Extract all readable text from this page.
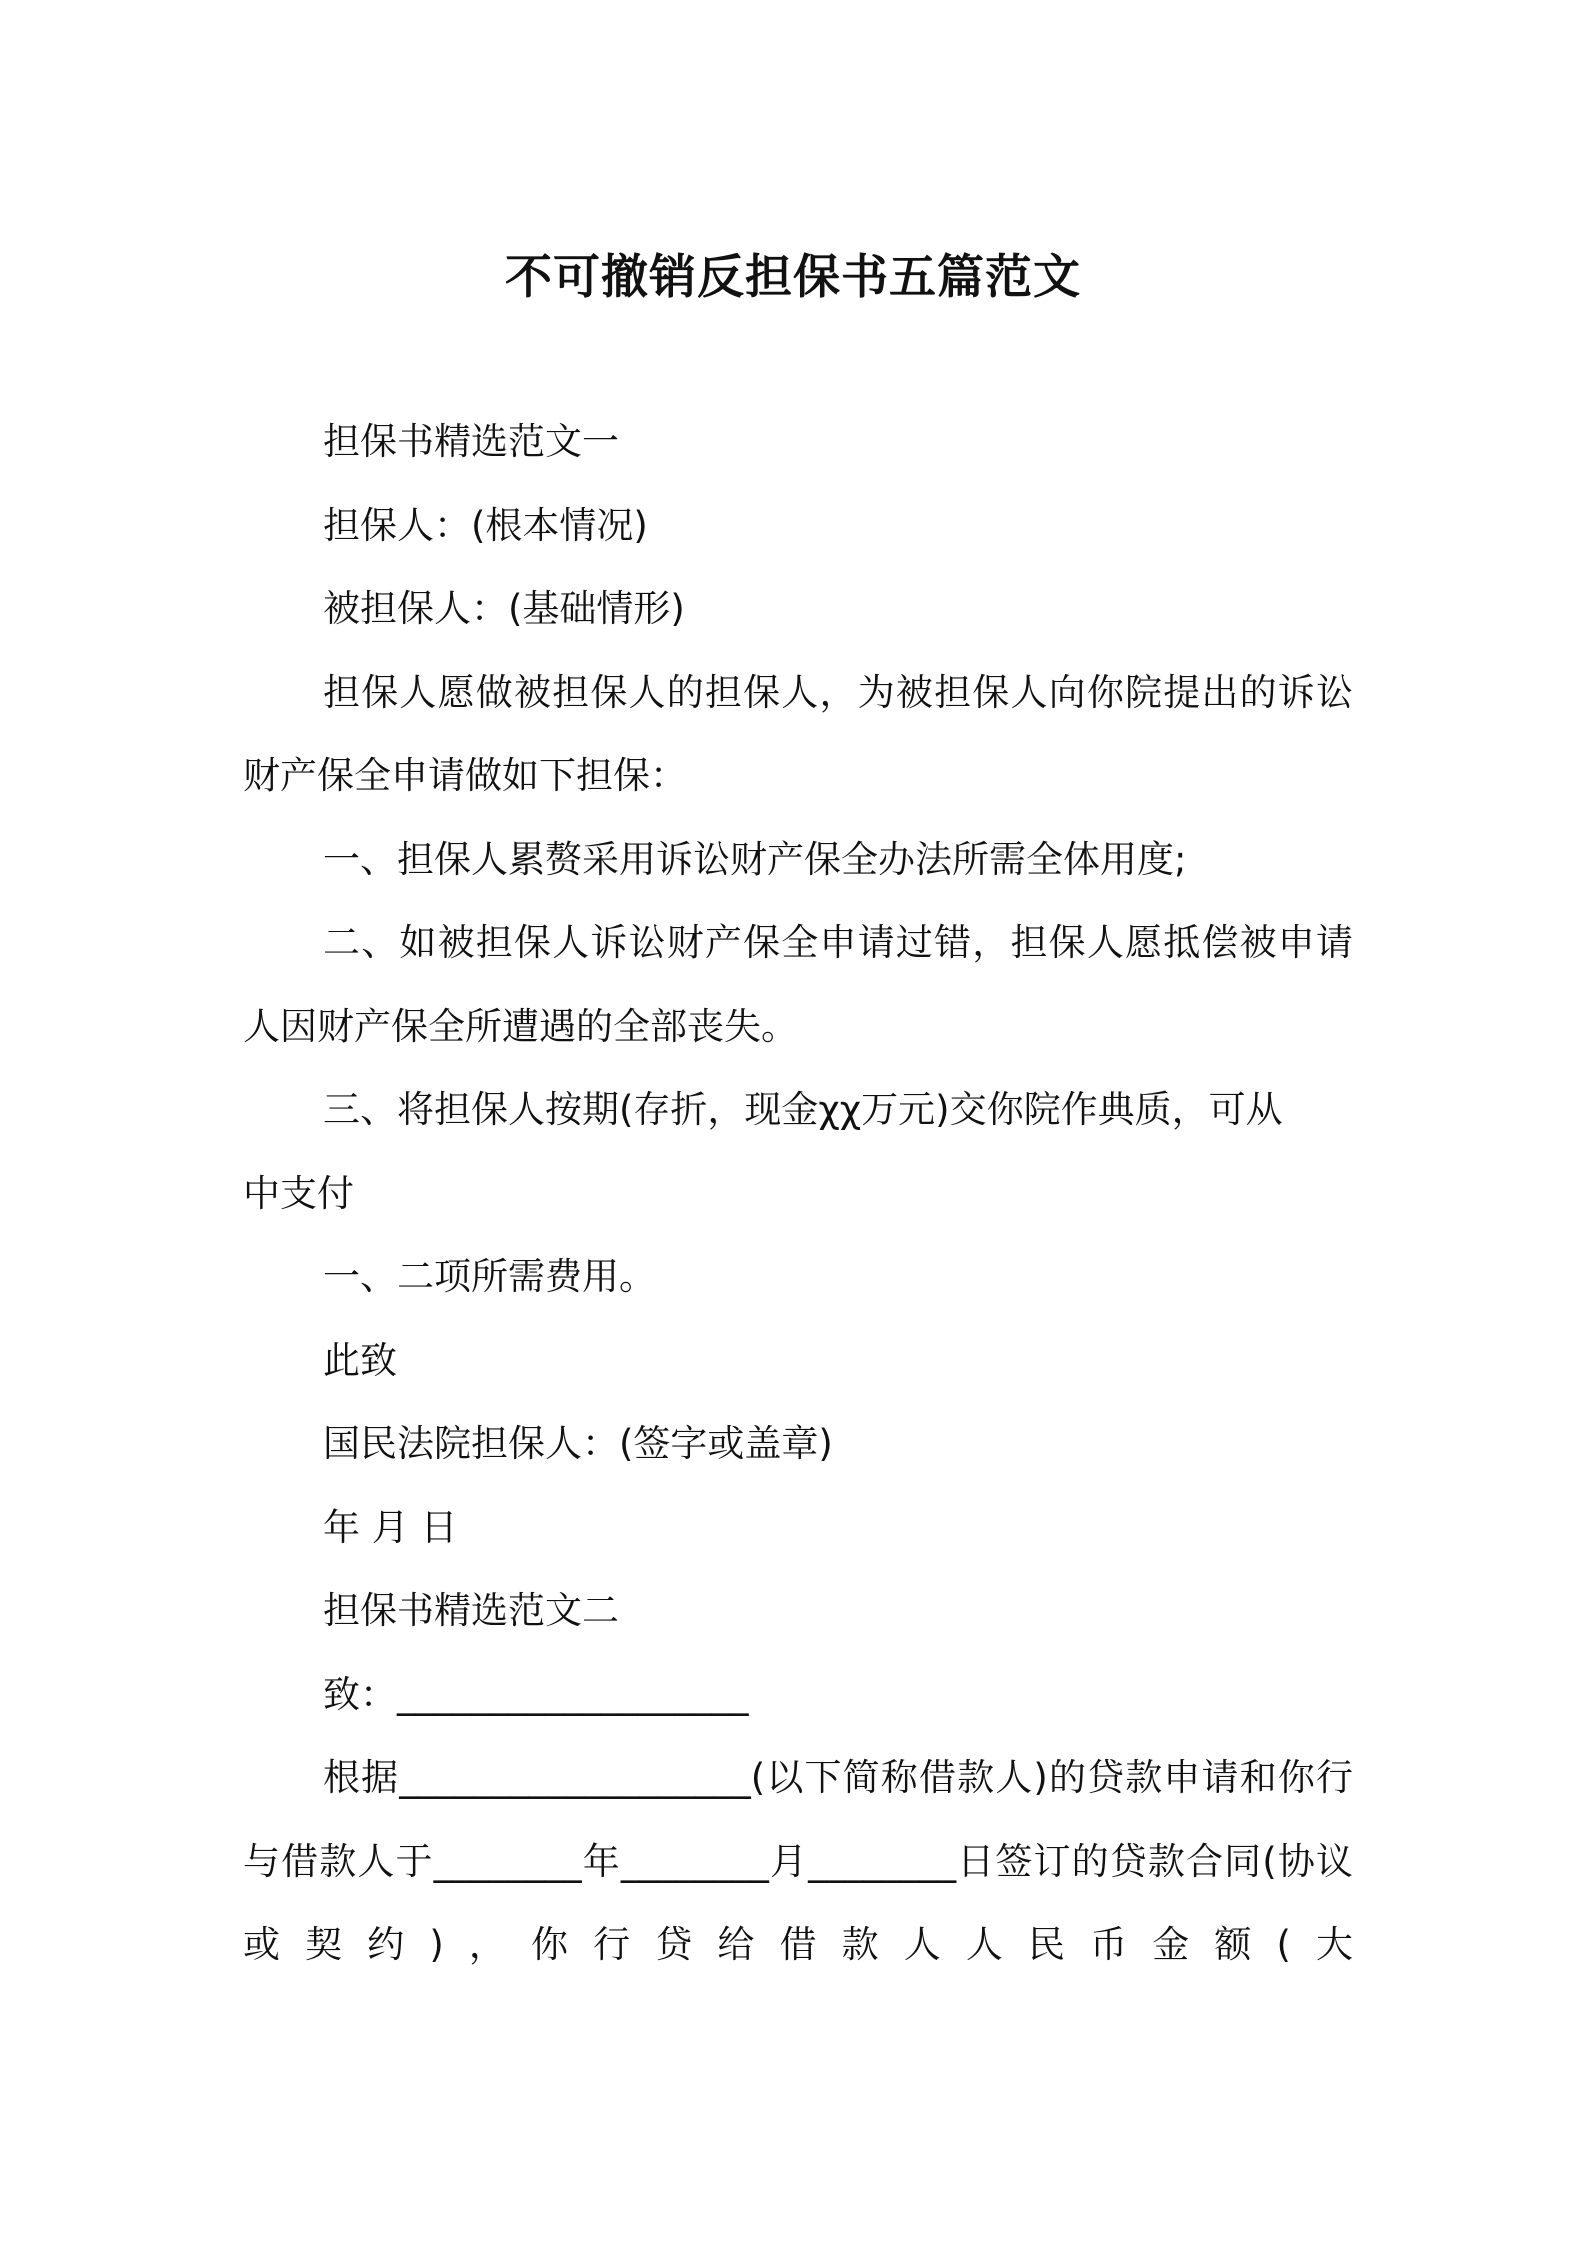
不可撤销反担保书五篇范文

担保书精选范文一

担保人：(根本情况)

被担保人：(基础情形)

担保人愿做被担保人的担保人，为被担保人向你院提出的诉讼财产保全申请做如下担保：

一、担保人累赘采用诉讼财产保全办法所需全体用度;

二、如被担保人诉讼财产保全申请过错，担保人愿抵偿被申请人因财产保全所遭遇的全部丧失。

三、将担保人按期(存折，现金χχ万元)交你院作典质，可从

中支付

一、二项所需费用。

此致

国民法院担保人：(签字或盖章)

年 月 日

担保书精选范文二

致：___________________

根据___________________(以下简称借款人)的贷款申请和你行与借款人于________年________月________日签订的贷款合同(协议或契约)，你行贷给借款人人民币金额(大
